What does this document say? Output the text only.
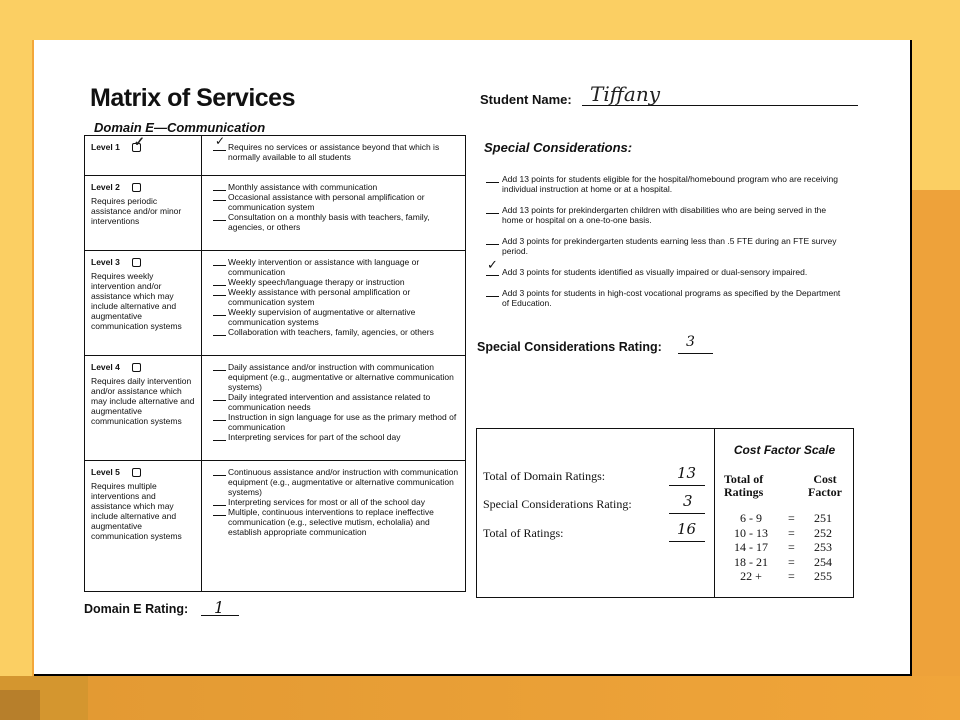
Matrix of Services
Domain E—Communication
Student Name: Tiffany
Level 1 ✓ ✓	Requires no services or assistance beyond that which is normally available to all students
Level 2
Requires periodic assistance and/or minor interventions
Monthly assistance with communication
Occasional assistance with personal amplification or communication system
Consultation on a monthly basis with teachers, family, agencies, or others
Level 3
Requires weekly intervention and/or assistance which may include alternative and augmentative communication systems
Weekly intervention or assistance with language or communication
Weekly speech/language therapy or instruction
Weekly assistance with personal amplification or communication system
Weekly supervision of augmentative or alternative communication systems
Collaboration with teachers, family, agencies, or others
Level 4
Requires daily intervention and/or assistance which may include alternative and augmentative communication systems
Daily assistance and/or instruction with communication equipment (e.g., augmentative or alternative communication systems)
Daily integrated intervention and assistance related to communication needs
Instruction in sign language for use as the primary method of communication
Interpreting services for part of the school day
Level 5
Requires multiple interventions and assistance which may include alternative and augmentative communication systems
Continuous assistance and/or instruction with communication equipment (e.g., augmentative or alternative communication systems)
Interpreting services for most or all of the school day
Multiple, continuous interventions to replace ineffective communication (e.g., selective mutism, echolalia) and establish appropriate communication
Domain E Rating: 1
Special Considerations:
Add 13 points for students eligible for the hospital/homebound program who are receiving individual instruction at home or at a hospital.
Add 13 points for prekindergarten children with disabilities who are being served in the home or hospital on a one-to-one basis.
Add 3 points for prekindergarten students earning less than .5 FTE during an FTE survey period.
✓
Add 3 points for students identified as visually impaired or dual-sensory impaired.
Add 3 points for students in high-cost vocational programs as specified by the Department of Education.
Special Considerations Rating: 3
Total of Domain Ratings:	13
Special Considerations Rating:	3
Total of Ratings:	16
Cost Factor Scale
Total of Ratings
Cost Factor
6 - 9	= 251
10 - 13	= 252
14 - 17	= 253
18 - 21	= 254
22 +	= 255
